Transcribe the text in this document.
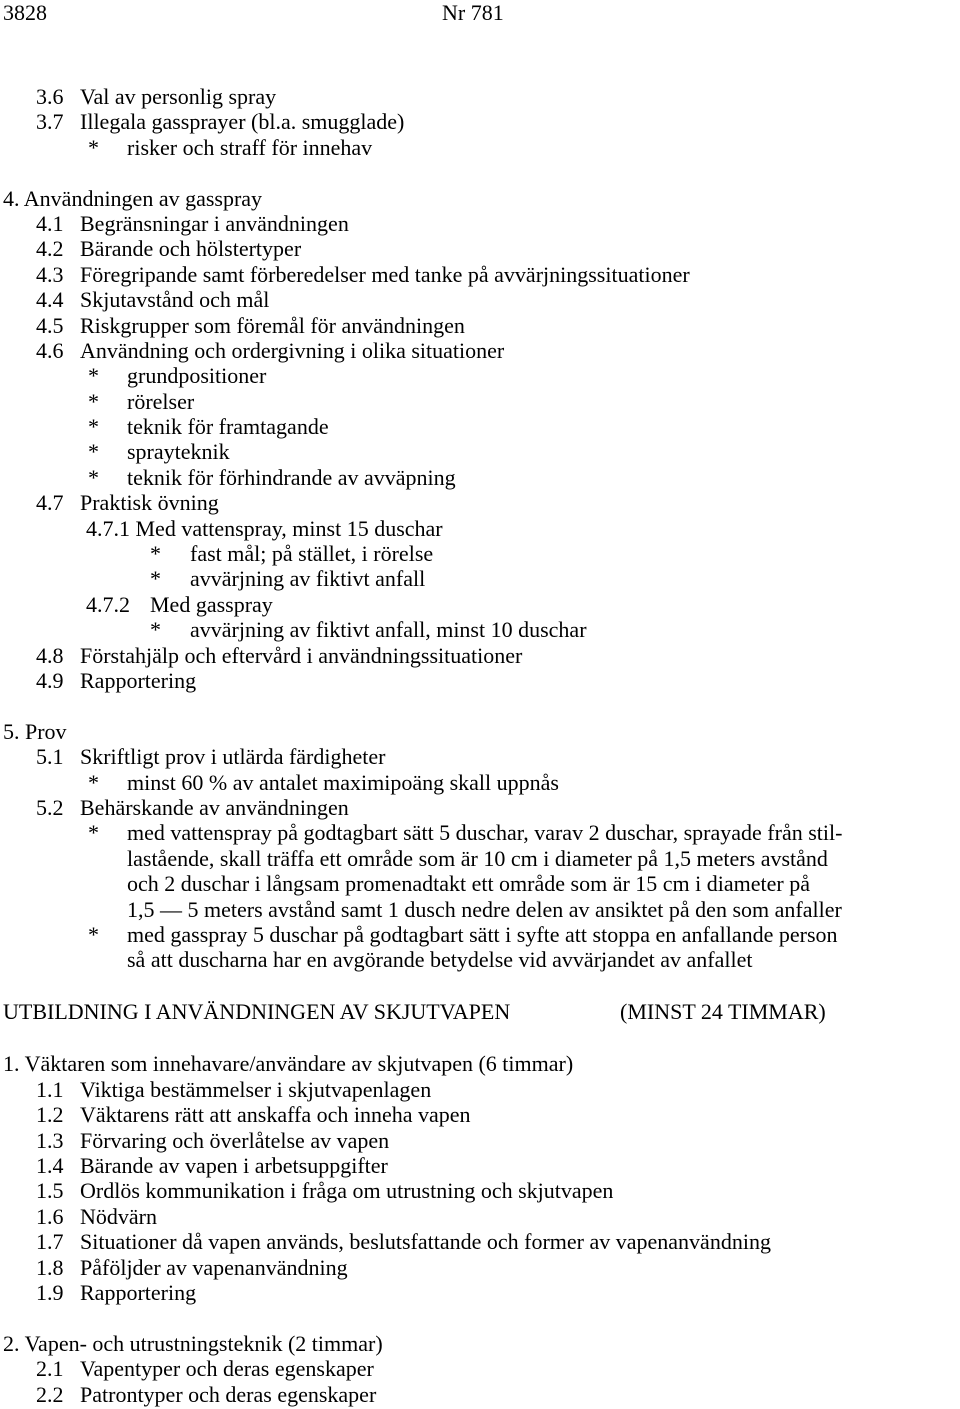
3828	Nr 781
3.6 Val av personlig spray
3.7 Illegala gassprayer (bl.a. smugglade)
* risker och straff för innehav
4. Användningen av gasspray
4.1 Begränsningar i användningen
4.2 Bärande och hölstertyper
4.3 Föregripande samt förberedelser med tanke på avvärjningssituationer
4.4 Skjutavstånd och mål
4.5 Riskgrupper som föremål för användningen
4.6 Användning och ordergivning i olika situationer
* grundpositioner
* rörelser
* teknik för framtagande
* sprayteknik
* teknik för förhindrande av avväpning
4.7 Praktisk övning
4.7.1 Med vattenspray, minst 15 duschar
* fast mål; på stället, i rörelse
* avvärjning av fiktivt anfall
4.7.2 Med gasspray
* avvärjning av fiktivt anfall, minst 10 duschar
4.8 Förstahjälp och eftervård i användningssituationer
4.9 Rapportering
5. Prov
5.1 Skriftligt prov i utlärda färdigheter
* minst 60 % av antalet maximipoäng skall uppnås
5.2 Behärskande av användningen
* med vattenspray på godtagbart sätt 5 duschar, varav 2 duschar, sprayade från stil-
lastående, skall träffa ett område som är 10 cm i diameter på 1,5 meters avstånd
och 2 duschar i långsam promenadtakt ett område som är 15 cm i diameter på
1,5 — 5 meters avstånd samt 1 dusch nedre delen av ansiktet på den som anfaller
* med gasspray 5 duschar på godtagbart sätt i syfte att stoppa en anfallande person
så att duscharna har en avgörande betydelse vid avvärjandet av anfallet
UTBILDNING I ANVÄNDNINGEN AV SKJUTVAPEN	(MINST 24 TIMMAR)
1. Väktaren som innehavare/användare av skjutvapen (6 timmar)
1.1 Viktiga bestämmelser i skjutvapenlagen
1.2 Väktarens rätt att anskaffa och inneha vapen
1.3 Förvaring och överlåtelse av vapen
1.4 Bärande av vapen i arbetsuppgifter
1.5 Ordlös kommunikation i fråga om utrustning och skjutvapen
1.6 Nödvärn
1.7 Situationer då vapen används, beslutsfattande och former av vapenanvändning
1.8 Påföljder av vapenanvändning
1.9 Rapportering
2. Vapen- och utrustningsteknik (2 timmar)
2.1 Vapentyper och deras egenskaper
2.2 Patrontyper och deras egenskaper
